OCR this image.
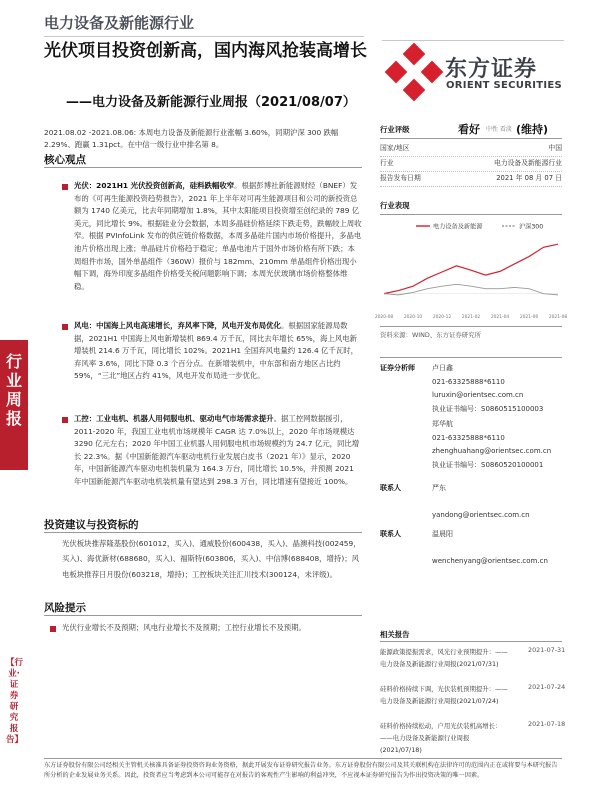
电力设备及新能源行业
光伏项目投资创新高，国内海风抢装高增长
——电力设备及新能源行业周报（2021/08/07）
东方证券
ORIENT SECURITIES
2021.08.02 -2021.08.06: 本周电力设备及新能源行业涨幅 3.60%，同期沪深 300 跌幅 2.29%、跑赢 1.31pct。在中信一级行业中排名第 8。
核心观点
光伏：2021H1 光伏投资创新高，硅料跌幅收窄。根据彭博社新能源财经（BNEF）发布的《可再生能源投资趋势报告》，2021 年上半年对可再生能源项目和公司的新投资总额为 1740 亿美元，比去年同期增加 1.8%，其中太阳能项目投资增至创纪录的 789 亿美元，同比增长 9%。根据硅业分会数据，本周多晶硅价格延续下跌走势，跌幅较上周收窄。根据 PVInfoLink 发布的供应链价格数据，本周多晶硅片国内市场价格提升，多晶电池片价格出现上涨；单晶硅片价格趋于稳定；单晶电池片于国外市场价格有所下跌；本周组件市场，国外单晶组件（360W）报价与 182mm、210mm 单晶组件价格出现小幅下调，海外印度多晶组件价格受关税问题影响下调；本周光伏玻璃市场价格整体维稳。
风电：中国海上风电高速增长，弃风率下降，风电开发布局优化。根据国家能源局数据，2021H1 中国海上风电新增装机 869.4 万千瓦，同比去年增长 65%，海上风电新增装机 214.6 万千瓦，同比增长 102%。2021H1 全国弃风电量约 126.4 亿千瓦时，弃风率 3.6%，同比下降 0.3 个百分点。在新增装机中，中东部和南方地区占比约 59%，“三北”地区占约 41%，风电开发布局进一步优化。
工控：工业电机、机器人用伺服电机、驱动电气市场需求提升。据工控网数据援引，2011-2020 年，我国工业电机市场规模年 CAGR 达 7.0%以上，2020 年市场规模达 3290 亿元左右；2020 年中国工业机器人用伺服电机市场规模约为 24.7 亿元，同比增长 22.3%。据《中国新能源汽车驱动电机行业发展白皮书（2021 年）》显示，2020 年，中国新能源汽车驱动电机装机量为 164.3 万台，同比增长 10.5%，并预测 2021 年中国新能源汽车驱动电机装机量有望达到 298.3 万台，同比增速有望接近 100%。
投资建议与投资标的
光伏板块推荐隆基股份(601012，买入)、通威股份(600438，买入)、晶澳科技(002459，买入)、海优新材(688680，买入)、福斯特(603806，买入)、中信博(688408，增持)；风电板块推荐日月股份(603218，增持)；工控板块关注汇川技术(300124，未评级)。
风险提示
光伏行业增长不及预期；风电行业增长不及预期；工控行业增长不及预期。
行业周报
【行业·证券研究报告】
行业评级	看好 中性 看淡 (维持)
国家/地区	中国
行业	电力设备及新能源行业
报告发布日期	2021 年 08 月 07 日
行业表现
电力设备及新能源	沪深300
2020-08 2020-10 2020-12 2021-02 2021-04 2021-06 2021-08
资料来源：WIND、东方证券研究所
证券分析师 卢日鑫
021-63325888*6110
luruxin@orientsec.com.cn
执业证书编号：S0860515100003
郑华航
021-63325888*6110
zhenghuahang@orientsec.com.cn
执业证书编号：S0860520100001
联系人	严东
yandong@orientsec.com.cn
联系人	温晨阳
wenchenyang@orientsec.com.cn
相关报告
能源政策提振需求，风光行业预期提升：——电力设备及新能源行业周报(2021/07/31)
2021-07-31
硅料价格持续下调，光伏装机预期提升：——电力设备及新能源行业周报(2021/07/24)
2021-07-24
硅料价格持续松动，户用光伏装机高增长：——电力设备及新能源行业周报(2021/07/18)
2021-07-18
东方证券股份有限公司经相关主管机关核准具备证券投资咨询业务资格，据此开展发布证券研究报告业务。东方证券股份有限公司及其关联机构在法律许可的范围内正在或将要与本研究报告所分析的企业发展业务关系。因此，投资者应当考虑到本公司可能存在对报告的客观性产生影响的利益冲突，不应视本证券研究报告为作出投资决策的唯一因素。
